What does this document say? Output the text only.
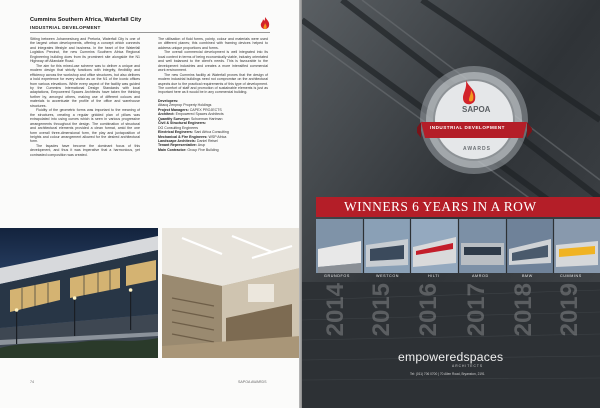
Cummins Southern Africa, Waterfall City
INDUSTRIAL DEVELOPMENT

Sitting between Johannesburg and Pretoria, Waterfall City is one of the largest urban developments, offering a concept which connects and integrates lifestyle and business. In the heart of the Waterfall Logistics Precinct, the new Cummins Southern Africa Regional Engineering building does from its prominent site alongside the N1 Highway off Allandale Road.

The aim for this mixed-use scheme was to deliver a unique and modern design that strictly functions with integrity, flexibility and efficiency across the workshop and office structures, but also delivers a bold experience for every visitor as on the N1 of the iconic offices from various elevations. While every aspect of the facility was guided by the Cummins International Design Standards with local adaptations, Empowered Spaces Architects have taken the thinking further by, amongst others, making use of different colours and materials to accentuate the profile of the office and warehouse structures.

Fluidity of the geometric forms was important to the meaning of the structures, creating a regular gridded plan of pillars was extrapolated into using curves which is seen in various progressive arrangements throughout the design. The combination of structural and architectural elements provided a clean format, amid the one form overall three-dimensional form, the play and juxtaposition of heights and colour arrangement allowed for the desired architectural form.

The façades have become the dominant focus of this development, and thus it was imperative that a harmonious, yet contrasted composition was created.

The utilisation of fluid forms, pointy, colour and materials were used on different planes; this combined with framing devices helped to address unique proportions and forms.

The overall commercial development is well integrated into its local context in terms of being economically viable, industry orientated and well balanced to the client's needs. This is favourable to the development industries and creates a more intensified commercial work environment.

The new Cummins facility at Waterfall proves that the design of modern industrial buildings need not compromise on the architectural aspects due to the practical requirements of this type of development. The comfort of staff and promotion of sustainable elements is just as important here as it would be in any commercial building.

Developers:
Attacq Zenprop Property Holdings
Project Managers: CAPEX PROJECTS
Architect: Empowered Spaces Architects
Quantity Surveyor: Schoeman Hartman
Civil & Structural Engineers:
DG Consulting Engineers
Electrical Engineers: Sani Africa Consulting
Mechanical & Fire Engineers: WSP Africa
Landscape Architects: Daniel Reisel
Tenant Representative: Arup
Main Contractor: Group Five Building
74	SAPOA AWARDS
SAPOA
INDUSTRIAL DEVELOPMENT
AWARDS
WINNERS 6 YEARS IN A ROW
GRUNDFOS	WESTCON	HILTI	AMROD	BMW	CUMMINS
2014 2015 2016 2017 2018 2019
empoweredspaces
ARCHITECTS
Tel: (011) 706 0700 | 70 Allen Road, Bryanston, 2191
